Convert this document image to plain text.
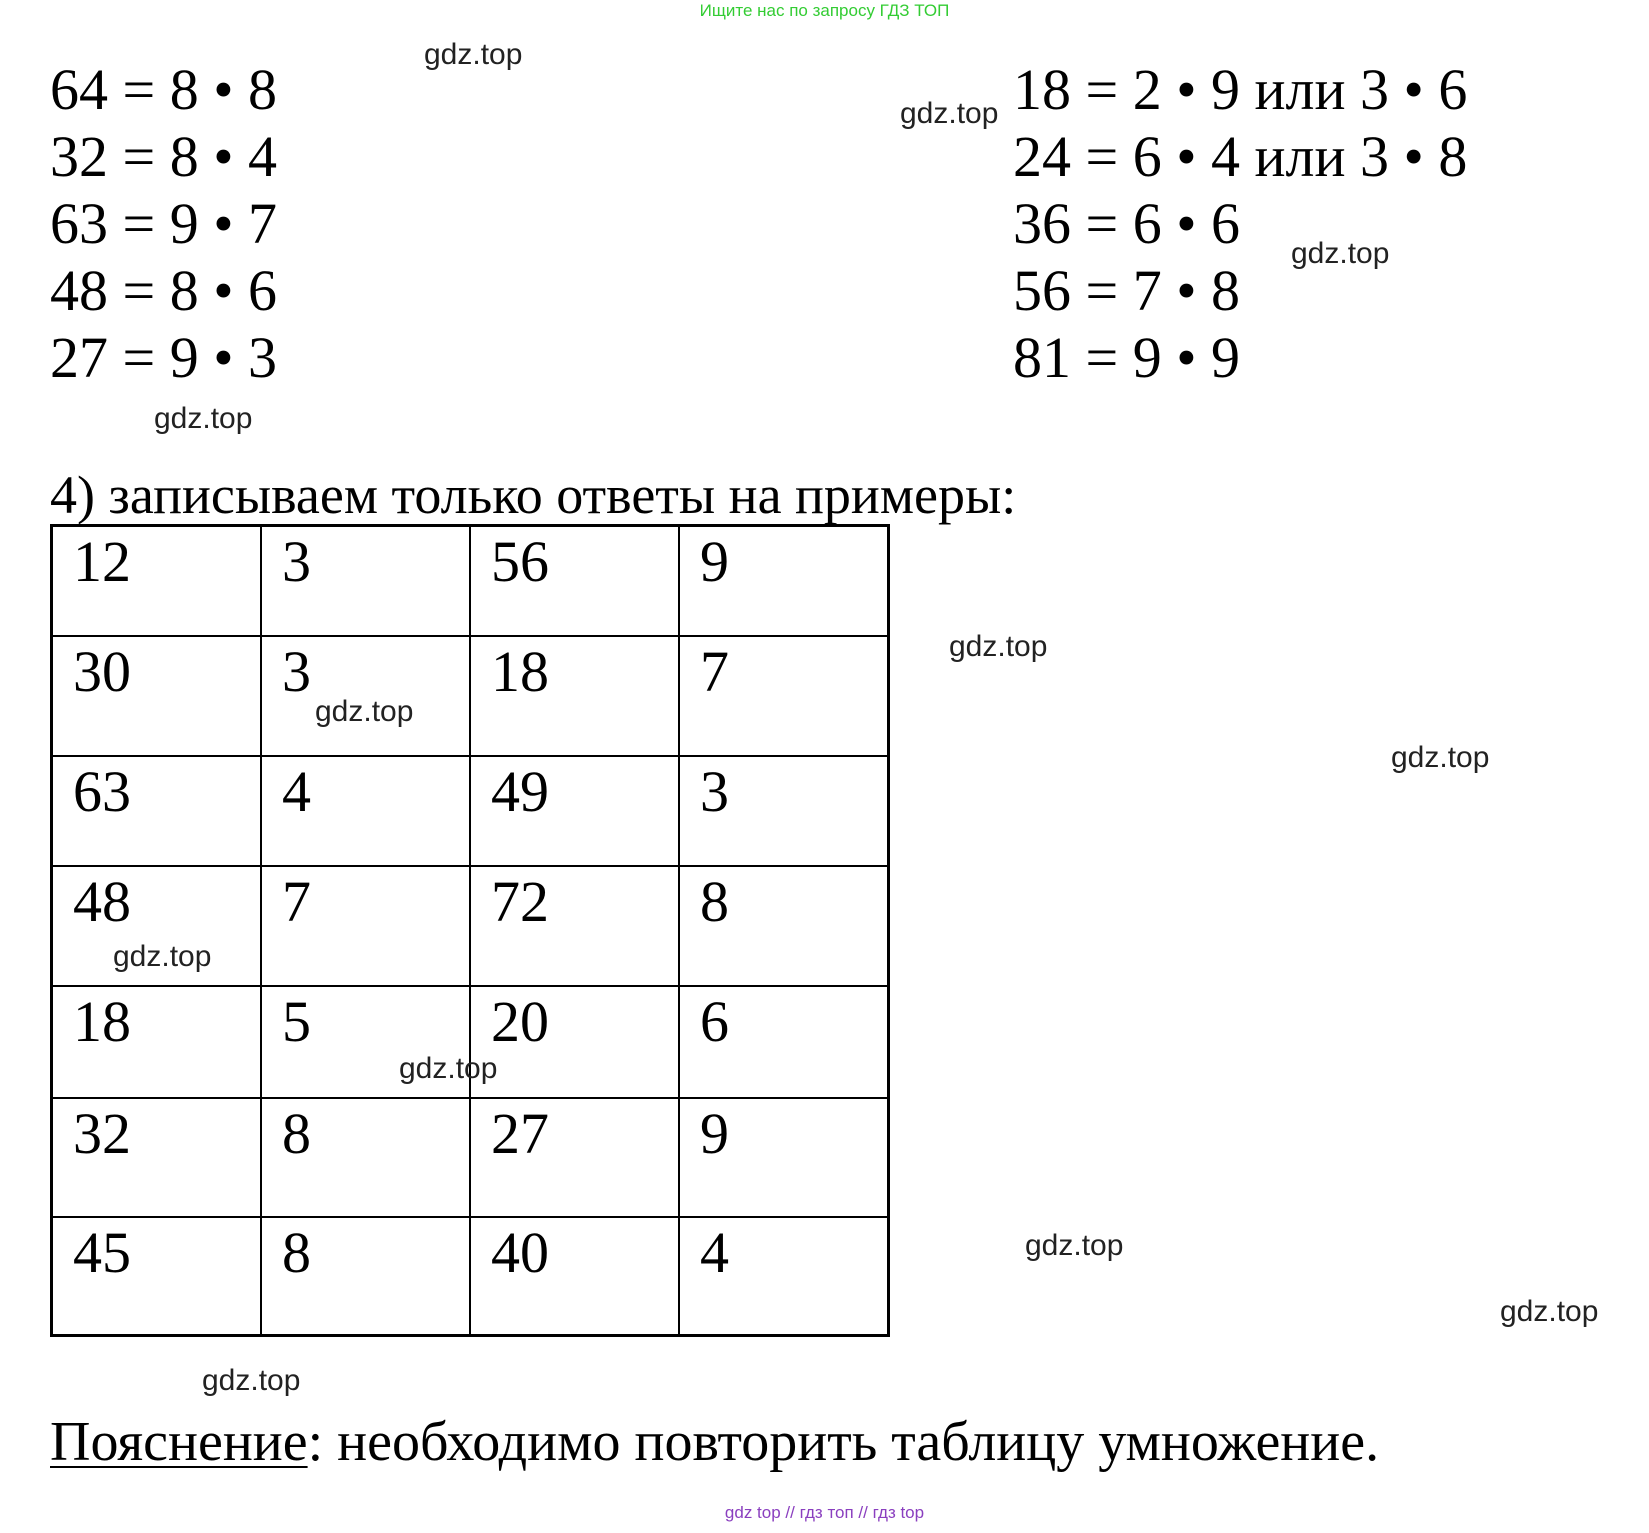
Ищите нас по запросу ГДЗ ТОП
64 = 8 • 8
32 = 8 • 4
63 = 9 • 7
48 = 8 • 6
27 = 9 • 3
18 = 2 • 9 или 3 • 6
24 = 6 • 4 или 3 • 8
36 = 6 • 6
56 = 7 • 8
81 = 9 • 9
4) записываем только ответы на примеры:
12	3	56	9
30	3	18	7
63	4	49	3
48	7	72	8
18	5	20	6
32	8	27	9
45	8	40	4
Пояснение: необходимо повторить таблицу умножение.
gdz.top
gdz.top
gdz.top
gdz.top
gdz.top
gdz.top
gdz.top
gdz.top
gdz.top
gdz.top
gdz.top
gdz.top
gdz top // гдз топ // гдз top
